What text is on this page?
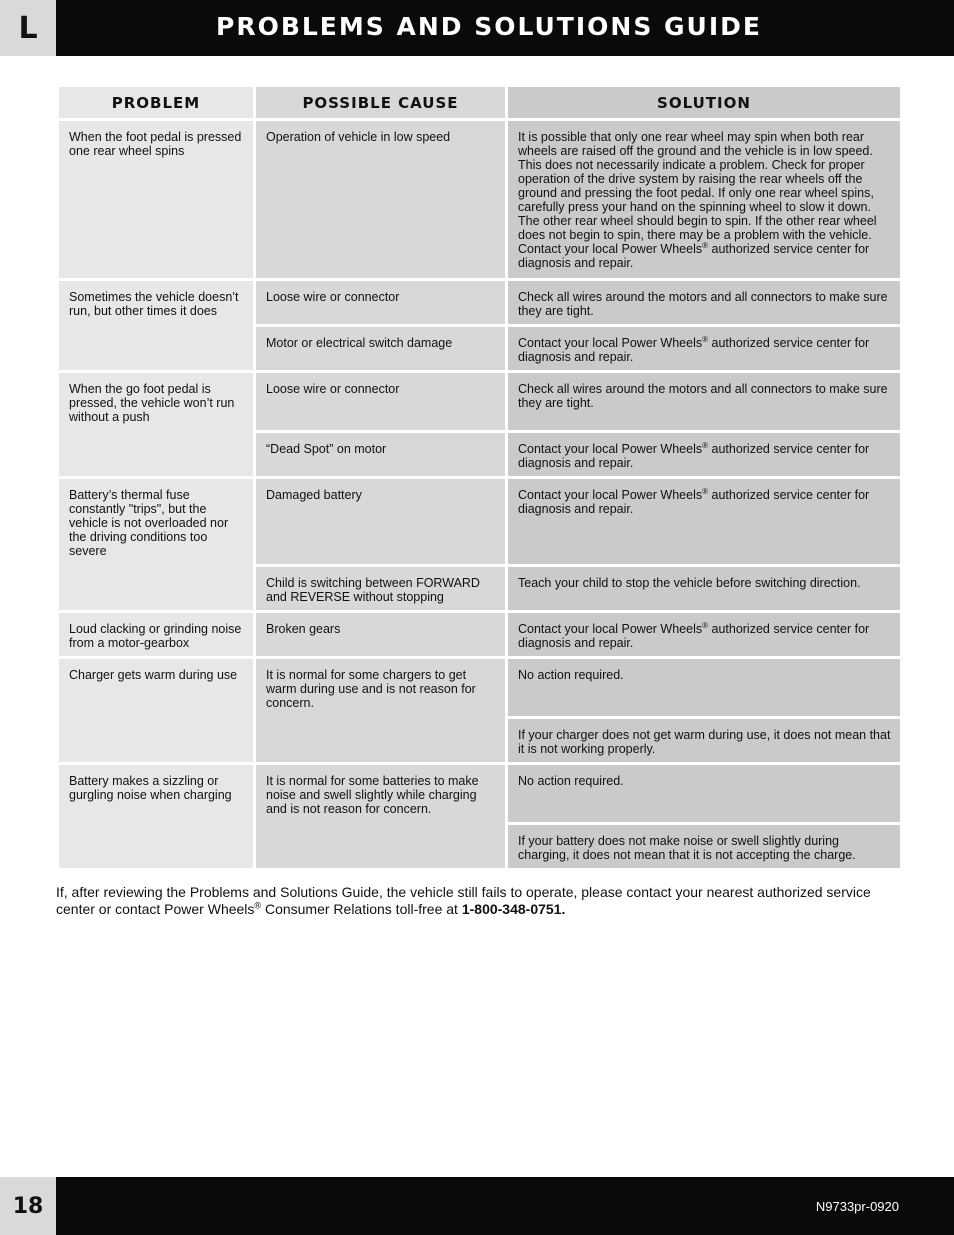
L	PROBLEMS AND SOLUTIONS GUIDE
PROBLEM	POSSIBLE CAUSE	SOLUTION
When the foot pedal is pressed one rear wheel spins	Operation of vehicle in low speed	It is possible that only one rear wheel may spin when both rear wheels are raised off the ground and the vehicle is in low speed. This does not necessarily indicate a problem. Check for proper operation of the drive system by raising the rear wheels off the ground and pressing the foot pedal. If only one rear wheel spins, carefully press your hand on the spinning wheel to slow it down. The other rear wheel should begin to spin. If the other rear wheel does not begin to spin, there may be a problem with the vehicle. Contact your local Power Wheels® authorized service center for diagnosis and repair.
Sometimes the vehicle doesn’t run, but other times it does	Loose wire or connector	Check all wires around the motors and all connectors to make sure they are tight.
	Motor or electrical switch damage	Contact your local Power Wheels® authorized service center for diagnosis and repair.
When the go foot pedal is pressed, the vehicle won’t run without a push	Loose wire or connector	Check all wires around the motors and all connectors to make sure they are tight.
	“Dead Spot” on motor	Contact your local Power Wheels® authorized service center for diagnosis and repair.
Battery’s thermal fuse constantly "trips", but the vehicle is not overloaded nor the driving conditions too severe	Damaged battery	Contact your local Power Wheels® authorized service center for diagnosis and repair.
	Child is switching between FORWARD and REVERSE without stopping	Teach your child to stop the vehicle before switching direction.
Loud clacking or grinding noise from a motor-gearbox	Broken gears	Contact your local Power Wheels® authorized service center for diagnosis and repair.
Charger gets warm during use	It is normal for some chargers to get warm during use and is not reason for concern.	No action required.
		If your charger does not get warm during use, it does not mean that it is not working properly.
Battery makes a sizzling or gurgling noise when charging	It is normal for some batteries to make noise and swell slightly while charging and is not reason for concern.	No action required.
		If your battery does not make noise or swell slightly during charging, it does not mean that it is not accepting the charge.
If, after reviewing the Problems and Solutions Guide, the vehicle still fails to operate, please contact your nearest authorized service center or contact Power Wheels® Consumer Relations toll-free at 1-800-348-0751.
18	N9733pr-0920
